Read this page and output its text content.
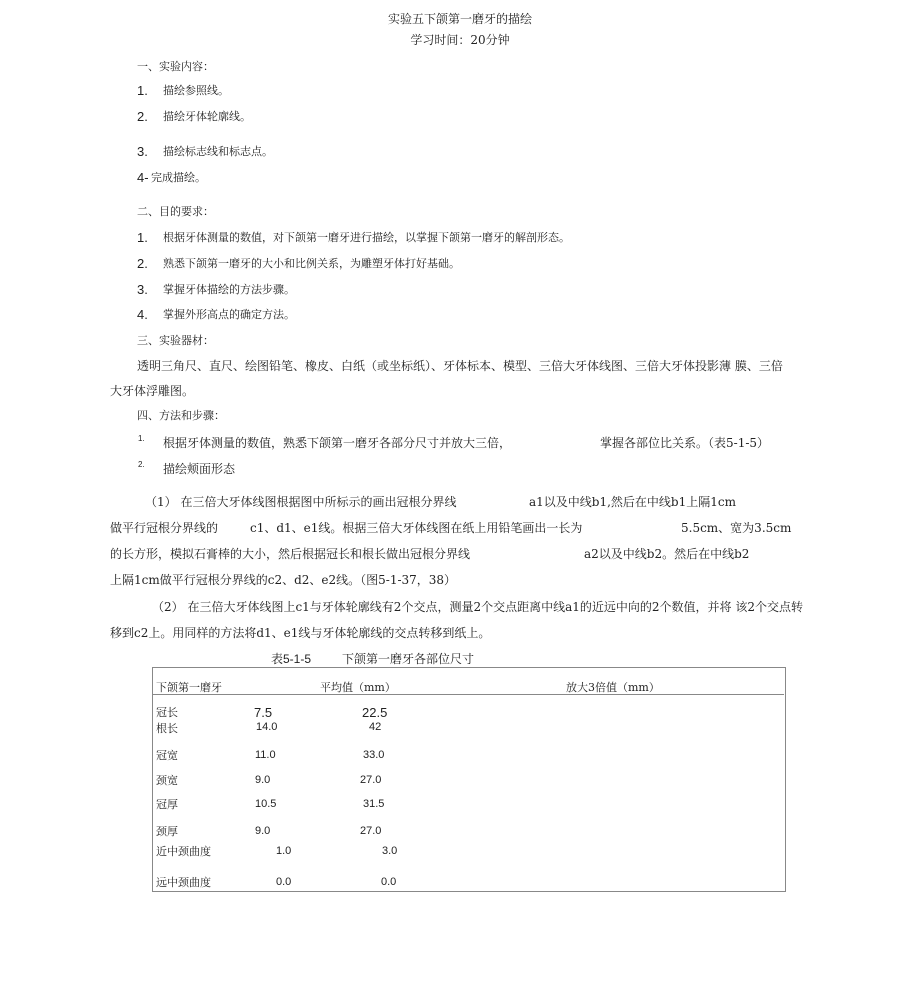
实验五下颌第一磨牙的描绘
学习时间：20分钟
一、实验内容：
1. 描绘参照线。
2. 描绘牙体轮廓线。
3. 描绘标志线和标志点。
4- 完成描绘。
二、目的要求：
1. 根据牙体测量的数值，对下颌第一磨牙进行描绘，以掌握下颌第一磨牙的解剖形态。
2. 熟悉下颌第一磨牙的大小和比例关系，为雕塑牙体打好基础。
3. 掌握牙体描绘的方法步骤。
4. 掌握外形高点的确定方法。
三、实验器材：
透明三角尺、直尺、绘图铅笔、橡皮、白纸（或坐标纸）、牙体标本、模型、三倍大牙体线图、三倍大牙体投影薄 膜、三倍
大牙体浮雕图。
四、方法和步骤：
1. 根据牙体测量的数值，熟悉下颌第一磨牙各部分尺寸并放大三倍，	掌握各部位比关系。（表5-1-5）
2. 描绘颊面形态
（1） 在三倍大牙体线图根据图中所标示的画出冠根分界线	a1以及中线b1,然后在中线b1上隔1cm
做平行冠根分界线的	c1、d1、e1线。根据三倍大牙体线图在纸上用铅笔画出一长为	5.5cm、宽为3.5cm
的长方形，模拟石膏棒的大小，然后根据冠长和根长做出冠根分界线	a2以及中线b2。然后在中线b2
上隔1cm做平行冠根分界线的c2、d2、e2线。（图5-1-37，38）
（2） 在三倍大牙体线图上c1与牙体轮廓线有2个交点，测量2个交点距离中线a1的近远中向的2个数值，并将 该2个交点转
移到c2上。用同样的方法将d1、e1线与牙体轮廓线的交点转移到纸上。
表5-1-5	下颌第一磨牙各部位尺寸
下颌第一磨牙	平均值（mm）	放大3倍值（mm）
冠长	7.5	22.5
根长	14.0	42
冠宽	11.0	33.0
颈宽	9.0	27.0
冠厚	10.5	31.5
颈厚	9.0	27.0
近中颈曲度	1.0	3.0
远中颈曲度	0.0	0.0
